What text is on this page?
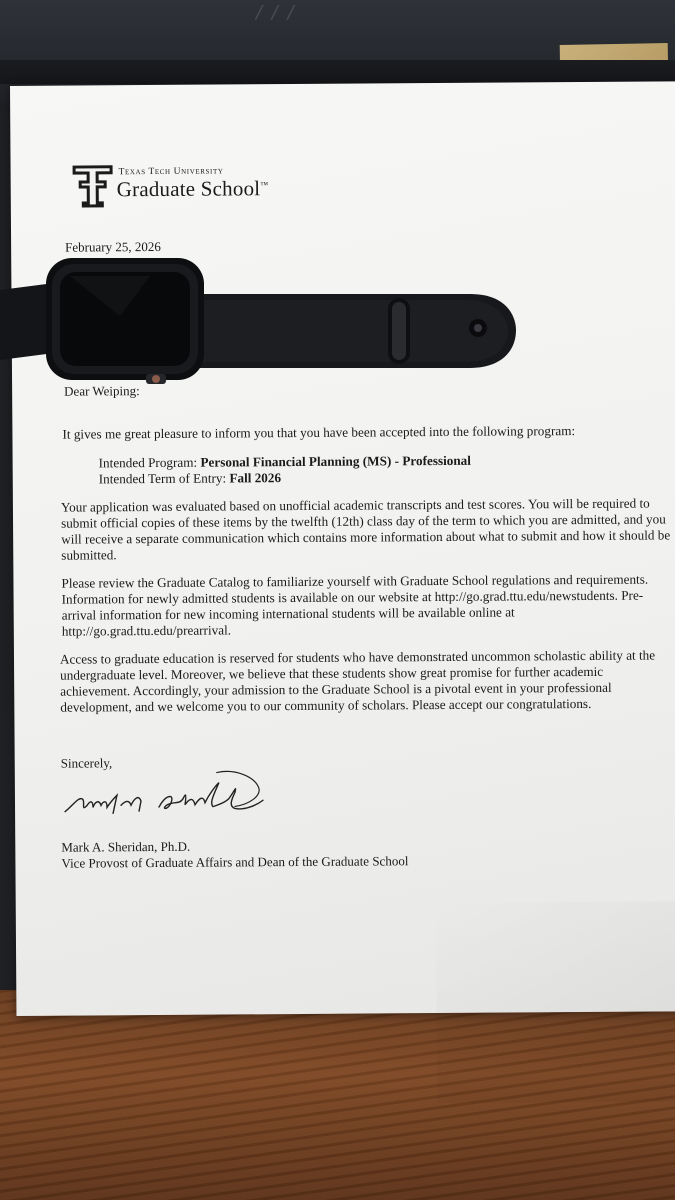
/ / /
Texas Tech University
Graduate School™
February 25, 2026
Dear Weiping:
It gives me great pleasure to inform you that you have been accepted into the following program:
Intended Program: Personal Financial Planning (MS) - Professional
Intended Term of Entry: Fall 2026
Your application was evaluated based on unofficial academic transcripts and test scores. You will be required to submit official copies of these items by the twelfth (12th) class day of the term to which you are admitted, and you will receive a separate communication which contains more information about what to submit and how it should be submitted.
Please review the Graduate Catalog to familiarize yourself with Graduate School regulations and requirements. Information for newly admitted students is available on our website at http://go.grad.ttu.edu/newstudents. Pre-arrival information for new incoming international students will be available online at http://go.grad.ttu.edu/prearrival.
Access to graduate education is reserved for students who have demonstrated uncommon scholastic ability at the undergraduate level. Moreover, we believe that these students show great promise for further academic achievement. Accordingly, your admission to the Graduate School is a pivotal event in your professional development, and we welcome you to our community of scholars. Please accept our congratulations.
Sincerely,
Mark A. Sheridan, Ph.D.
Vice Provost of Graduate Affairs and Dean of the Graduate School
